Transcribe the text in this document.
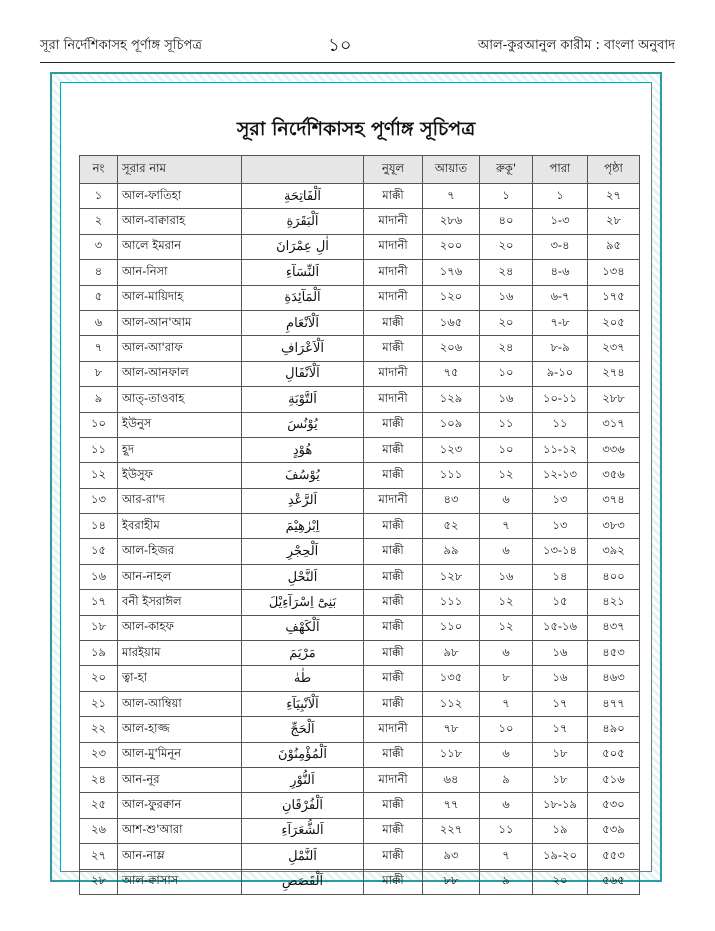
সূরা নির্দেশিকাসহ পূর্ণাঙ্গ সূচিপত্র	১০	আল-কুরআনুল কারীম : বাংলা অনুবাদ
সূরা নির্দেশিকাসহ পূর্ণাঙ্গ সূচিপত্র
নং	সূরার নাম		নুযূল	আয়াত	রুকূ'	পারা	পৃষ্ঠা
১	আল-ফাতিহা	اَلْفَاتِحَةِ	মাক্কী	৭	১	১	২৭
২	আল-বাক্বারাহ	اَلْبَقَرَةِ	মাদানী	২৮৬	৪০	১-৩	২৮
৩	আলে ইমরান	اٰلِ عِمْرَانَ	মাদানী	২০০	২০	৩-৪	৯৫
৪	আন-নিসা	اَلنِّسَآءِ	মাদানী	১৭৬	২৪	৪-৬	১৩৪
৫	আল-মায়িদাহ	اَلْمَآئِدَةِ	মাদানী	১২০	১৬	৬-৭	১৭৫
৬	আল-আন'আম	اَلْاَنْعَامِ	মাক্কী	১৬৫	২০	৭-৮	২০৫
৭	আল-আ'রাফ	اَلْاَعْرَافِ	মাক্কী	২০৬	২৪	৮-৯	২৩৭
৮	আল-আনফাল	اَلْاَنْفَالِ	মাদানী	৭৫	১০	৯-১০	২৭৪
৯	আত্-তাওবাহ	اَلتَّوْبَةِ	মাদানী	১২৯	১৬	১০-১১	২৮৮
১০	ইউনুস	يُوْنُسَ	মাক্কী	১০৯	১১	১১	৩১৭
১১	হূদ	هُوْدٍ	মাক্কী	১২৩	১০	১১-১২	৩৩৬
১২	ইউসুফ	يُوْسُفَ	মাক্কী	১১১	১২	১২-১৩	৩৫৬
১৩	আর-রা'দ	اَلرَّعْدِ	মাদানী	৪৩	৬	১৩	৩৭৪
১৪	ইবরাহীম	اِبْرٰهِيْمَ	মাক্কী	৫২	৭	১৩	৩৮৩
১৫	আল-হিজর	اَلْحِجْرِ	মাক্কী	৯৯	৬	১৩-১৪	৩৯২
১৬	আন-নাহল	اَلنَّحْلِ	মাক্কী	১২৮	১৬	১৪	৪০০
১৭	বনী ইসরাঈল	بَنِىْٓ اِسْرَآءِيْلَ	মাক্কী	১১১	১২	১৫	৪২১
১৮	আল-কাহফ	اَلْكَهْفِ	মাক্কী	১১০	১২	১৫-১৬	৪৩৭
১৯	মারইয়াম	مَرْيَمَ	মাক্কী	৯৮	৬	১৬	৪৫৩
২০	ত্বা-হা	طٰهٰ	মাক্কী	১৩৫	৮	১৬	৪৬৩
২১	আল-আম্বিয়া	اَلْاَنْبِيَآءِ	মাক্কী	১১২	৭	১৭	৪৭৭
২২	আল-হাজ্জ	اَلْحَجِّ	মাদানী	৭৮	১০	১৭	৪৯০
২৩	আল-মু'মিনূন	اَلْمُؤْمِنُوْنَ	মাক্কী	১১৮	৬	১৮	৫০৫
২৪	আন-নূর	اَلنُّوْرِ	মাদানী	৬৪	৯	১৮	৫১৬
২৫	আল-ফুরক্বান	اَلْفُرْقَانِ	মাক্কী	৭৭	৬	১৮-১৯	৫৩০
২৬	আশ-শু'আরা	اَلشُّعَرَآءِ	মাক্কী	২২৭	১১	১৯	৫৩৯
২৭	আন-নাম্ল	اَلنَّمْلِ	মাক্কী	৯৩	৭	১৯-২০	৫৫৩
২৮	আল-ক্বাসাস	اَلْقَصَصِ	মাক্কী	৮৮	৯	২০	৫৬৫
